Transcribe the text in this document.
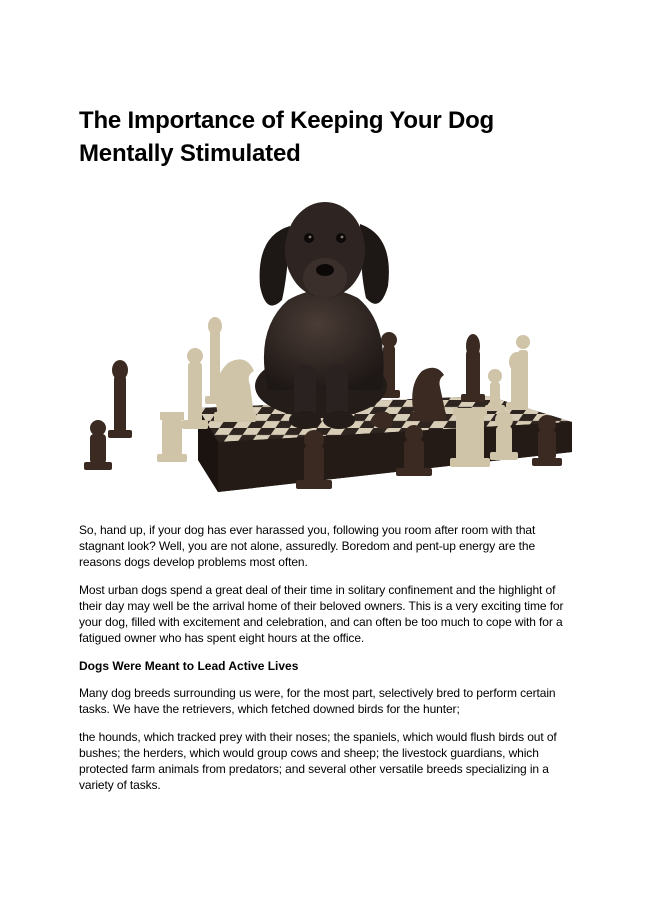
The Importance of Keeping Your Dog Mentally Stimulated

So, hand up, if your dog has ever harassed you, following you room after room with that stagnant look? Well, you are not alone, assuredly. Boredom and pent-up energy are the reasons dogs develop problems most often.

Most urban dogs spend a great deal of their time in solitary confinement and the highlight of their day may well be the arrival home of their beloved owners. This is a very exciting time for your dog, filled with excitement and celebration, and can often be too much to cope with for a fatigued owner who has spent eight hours at the office.

Dogs Were Meant to Lead Active Lives

Many dog breeds surrounding us were, for the most part, selectively bred to perform certain tasks. We have the retrievers, which fetched downed birds for the hunter;

the hounds, which tracked prey with their noses; the spaniels, which would flush birds out of bushes; the herders, which would group cows and sheep; the livestock guardians, which protected farm animals from predators; and several other versatile breeds specializing in a variety of tasks.
